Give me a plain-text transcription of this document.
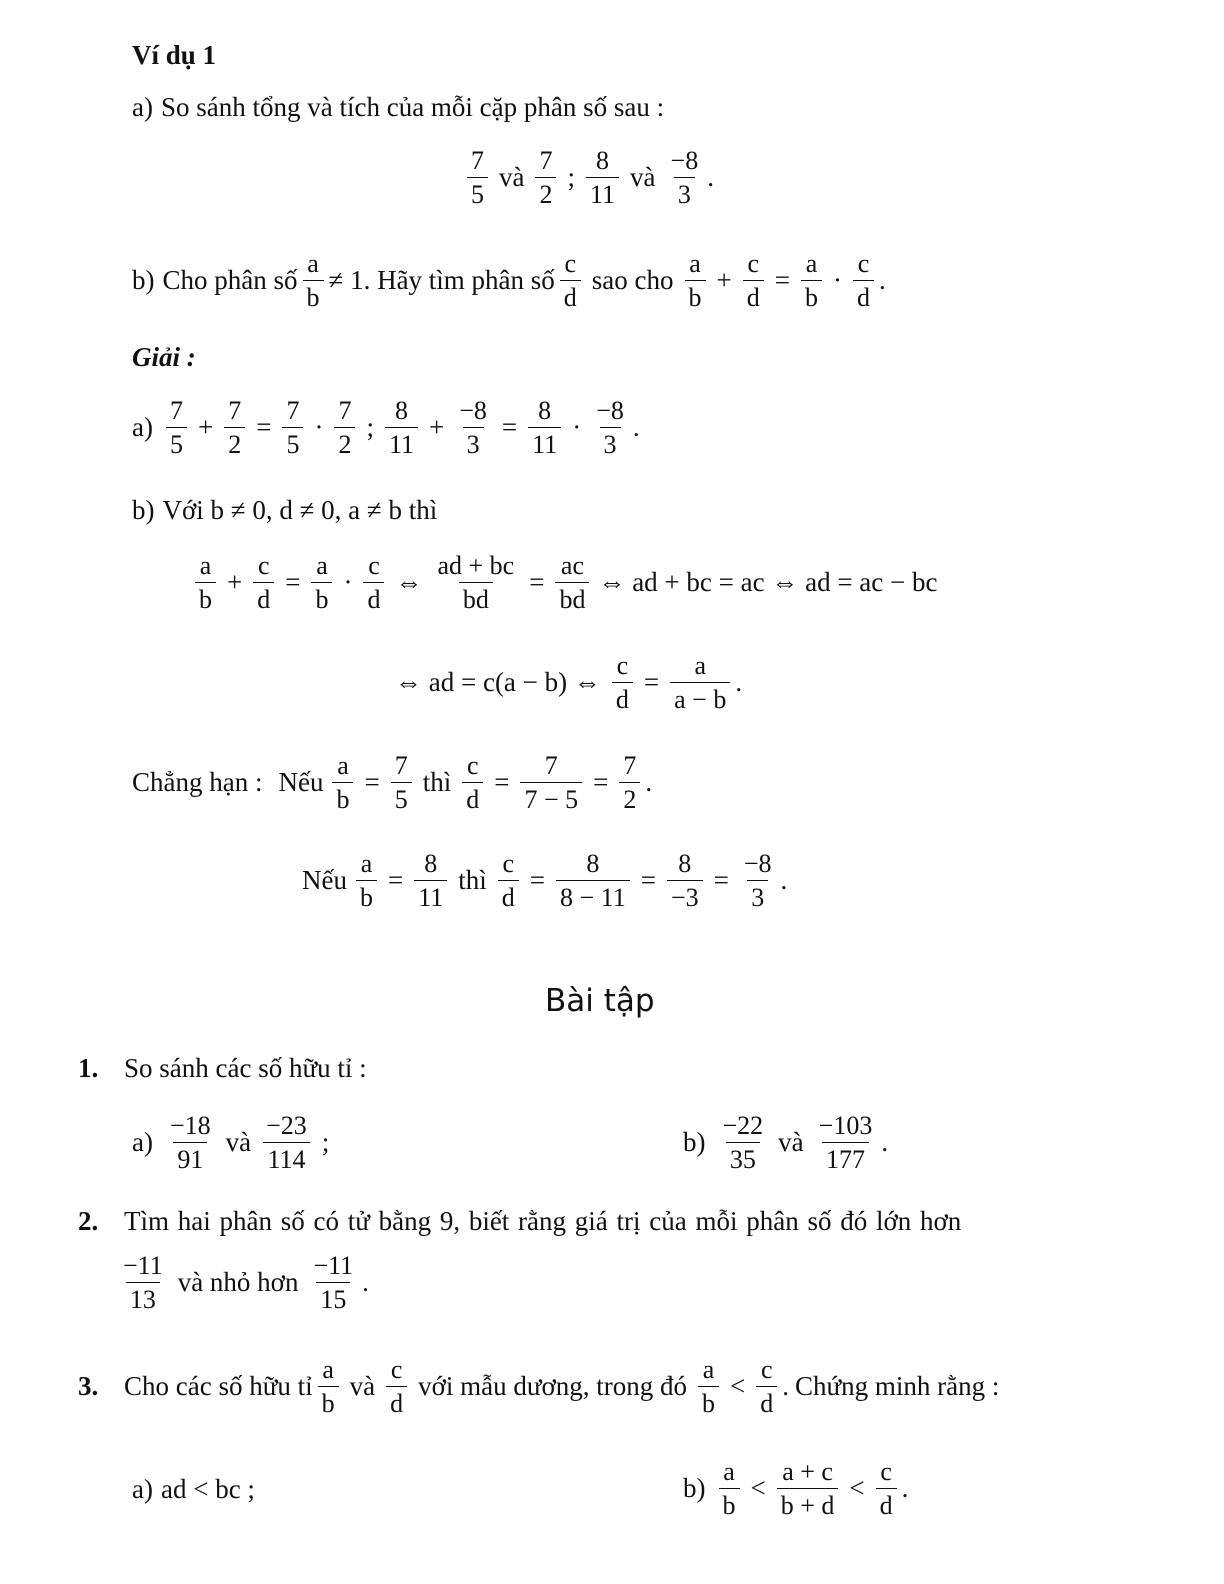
Ví dụ 1
a) So sánh tổng và tích của mỗi cặp phân số sau :
7
5
và
7
2
;
8
11
và
−8
3
.
b) Cho phân số
a
b
≠ 1. Hãy tìm phân số
c
d
sao cho
a
b
+ $\frac{c}{d} = \frac{a}{b}$ ·
c
d
.
Giải :
a)
7
5
+ $\frac{7}{2} = \frac{7}{5}$ ·
7
2
;
8
11
+ $\frac{-8}{3} = \frac{8}{11}$ ·
−8
3
.
b) Với b ≠ 0, d ≠ 0, a ≠ b thì
a
b
+ $\frac{c}{d} = \frac{a}{b}$ ·
c
d
⇔ $\frac{ad + bc}{bd} = \frac{ac}{bd}$ ⇔ ad + bc = ac ⇔ ad = ac − bc
⇔ ad = c(a − b) ⇔ $\frac{c}{d} = \frac{a}{a - b}$ .
Chẳng hạn : Nếu $\frac{a}{b} = \frac{7}{5}$ thì $\frac{c}{d} = \frac{7}{7 - 5} = \frac{7}{2}$ .
Nếu $\frac{a}{b} = \frac{8}{11}$ thì $\frac{c}{d} = \frac{8}{8 - 11} = \frac{8}{-3} = \frac{-8}{3}$ .
Bài tập
1. So sánh các số hữu tỉ :
a)
−18
91
và
−23
114
;	b)
−22
35
và
−103
177
.
2. Tìm hai phân số có tử bằng 9, biết rằng giá trị của mỗi phân số đó lớn hơn
−11
13
và nhỏ hơn
−11
15
.
3. Cho các số hữu tỉ
a
b
và
c
d
với mẫu dương, trong đó
a
b
<
c
d
. Chứng minh rằng :
a) ad < bc ;	b)
a
b
<
a + c
b + d
<
c
d
.
